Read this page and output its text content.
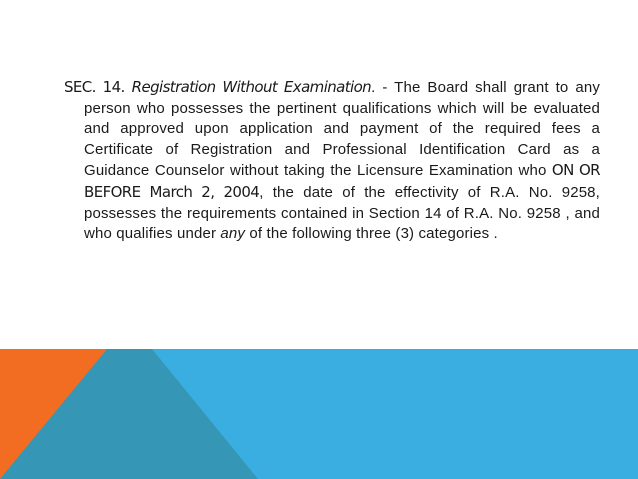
SEC. 14. Registration Without Examination. - The Board shall grant to any person who possesses the pertinent qualifications which will be evaluated and approved upon application and payment of the required fees a Certificate of Registration and Professional Identification Card as a Guidance Counselor without taking the Licensure Examination who ON OR BEFORE March 2, 2004, the date of the effectivity of R.A. No. 9258, possesses the requirements contained in Section 14 of R.A. No. 9258 , and who qualifies under any of the following three (3) categories .
